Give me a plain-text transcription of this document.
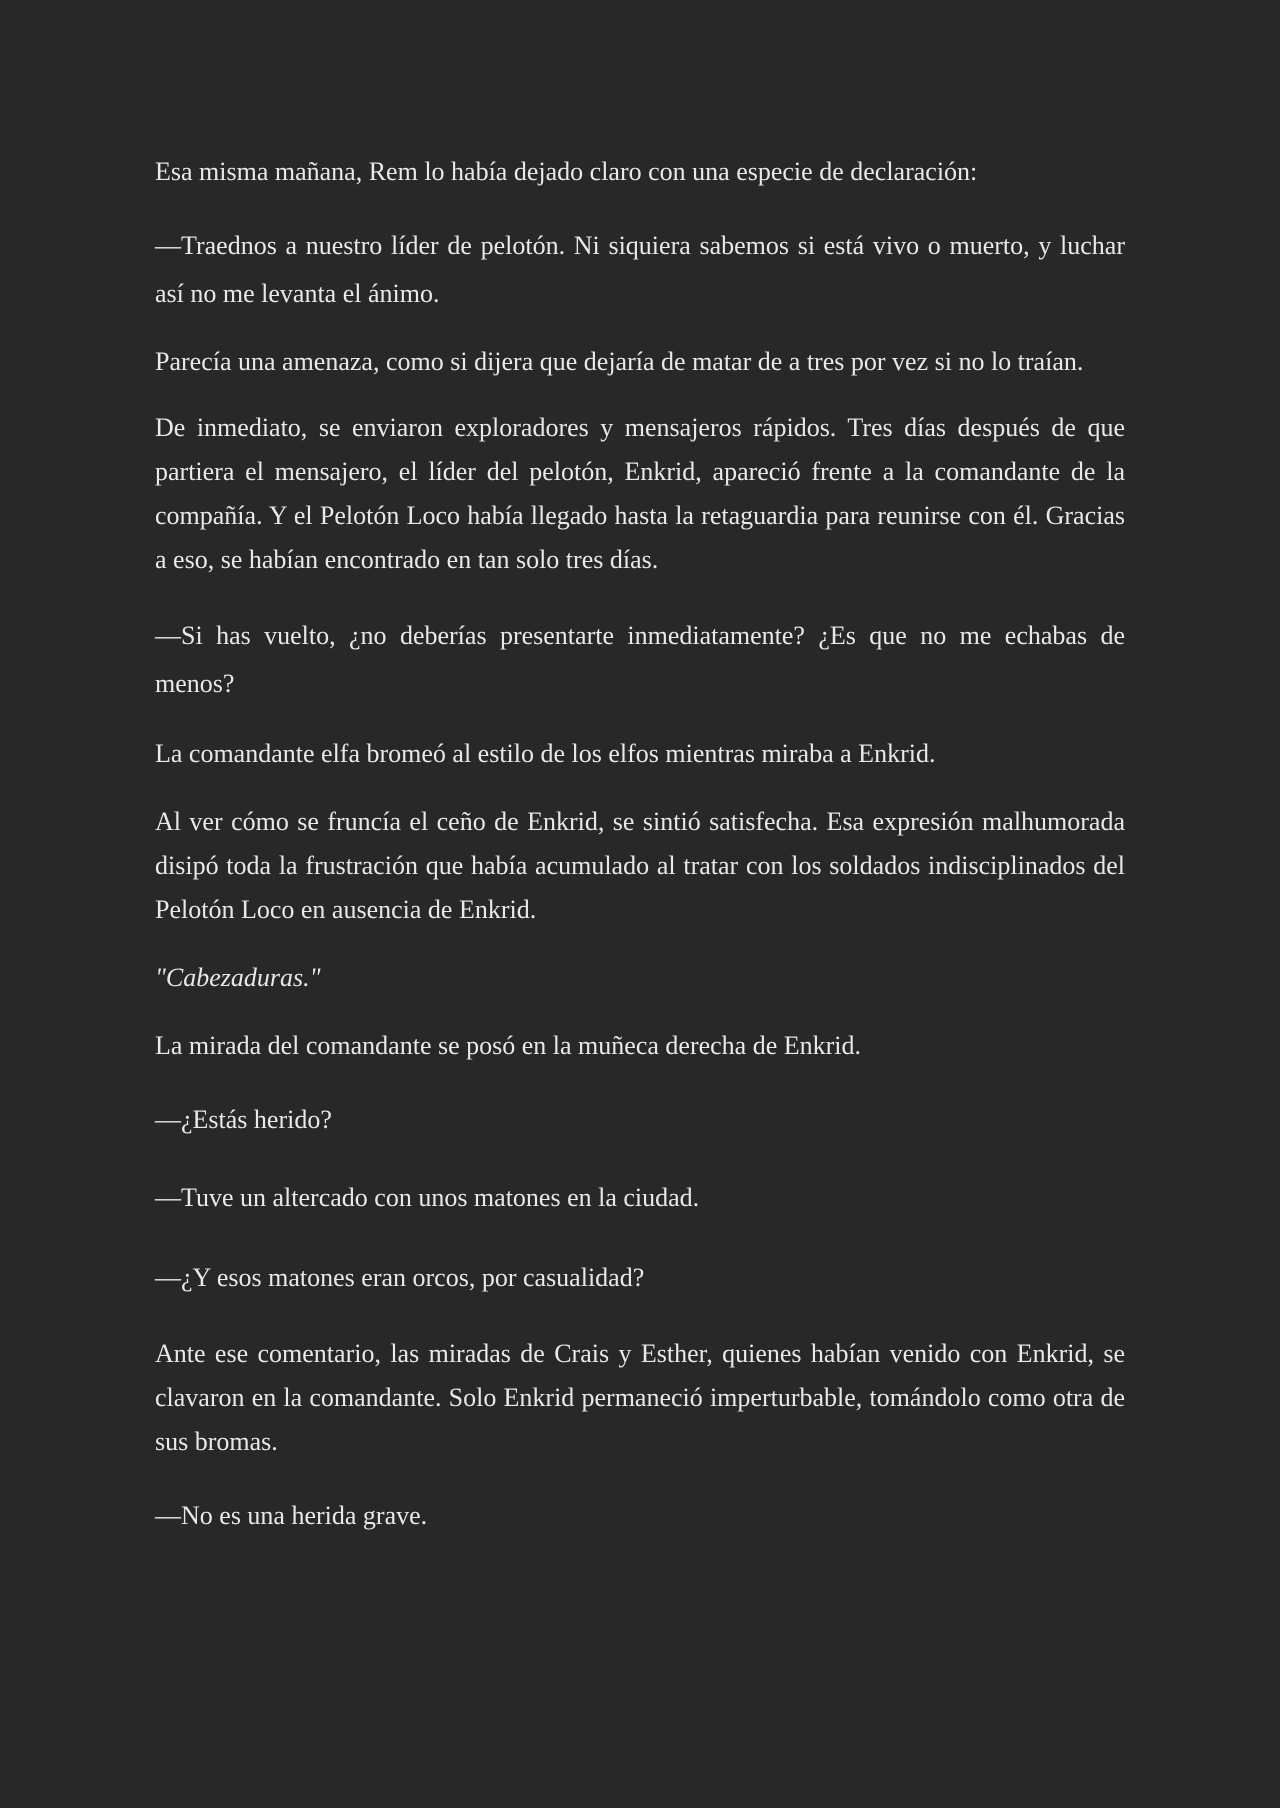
Esa misma mañana, Rem lo había dejado claro con una especie de declaración:

—Traednos a nuestro líder de pelotón. Ni siquiera sabemos si está vivo o muerto, y luchar así no me levanta el ánimo.

Parecía una amenaza, como si dijera que dejaría de matar de a tres por vez si no lo traían.

De inmediato, se enviaron exploradores y mensajeros rápidos. Tres días después de que partiera el mensajero, el líder del pelotón, Enkrid, apareció frente a la comandante de la compañía. Y el Pelotón Loco había llegado hasta la retaguardia para reunirse con él. Gracias a eso, se habían encontrado en tan solo tres días.

—Si has vuelto, ¿no deberías presentarte inmediatamente? ¿Es que no me echabas de menos?

La comandante elfa bromeó al estilo de los elfos mientras miraba a Enkrid.

Al ver cómo se fruncía el ceño de Enkrid, se sintió satisfecha. Esa expresión malhumorada disipó toda la frustración que había acumulado al tratar con los soldados indisciplinados del Pelotón Loco en ausencia de Enkrid.

"Cabezaduras."

La mirada del comandante se posó en la muñeca derecha de Enkrid.

—¿Estás herido?

—Tuve un altercado con unos matones en la ciudad.

—¿Y esos matones eran orcos, por casualidad?

Ante ese comentario, las miradas de Crais y Esther, quienes habían venido con Enkrid, se clavaron en la comandante. Solo Enkrid permaneció imperturbable, tomándolo como otra de sus bromas.

—No es una herida grave.
